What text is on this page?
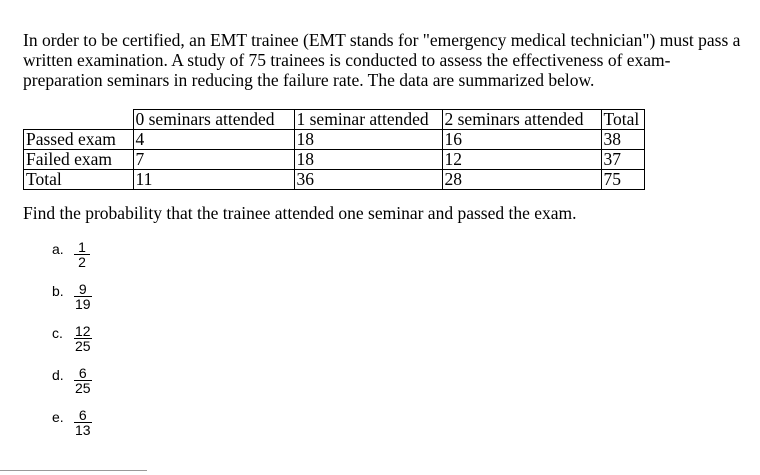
In order to be certified, an EMT trainee (EMT stands for "emergency medical technician") must pass a written examination. A study of 75 trainees is conducted to assess the effectiveness of exam-preparation seminars in reducing the failure rate. The data are summarized below.
	0 seminars attended	1 seminar attended	2 seminars attended	Total
Passed exam	4	18	16	38
Failed exam	7	18	12	37
Total	11	36	28	75
Find the probability that the trainee attended one seminar and passed the exam.
a. $\frac{1}{2}$
b. $\frac{9}{19}$
c. $\frac{12}{25}$
d. $\frac{6}{25}$
e. $\frac{6}{13}$
